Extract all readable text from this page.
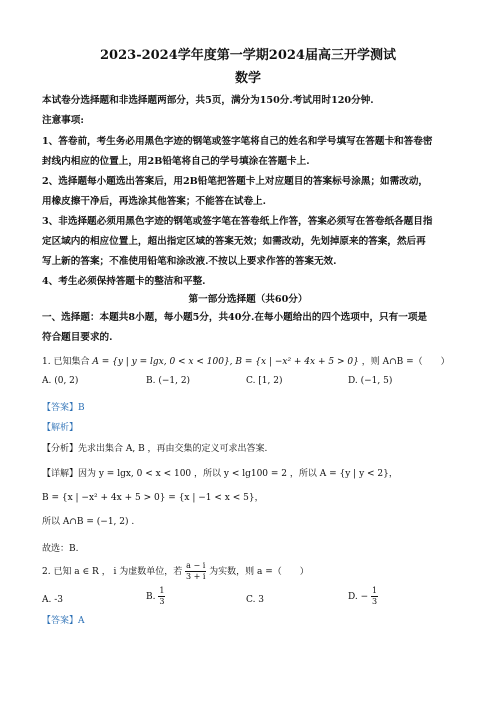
2023-2024学年度第一学期2024届高三开学测试
数学
本试卷分选择题和非选择题两部分，共5页，满分为150分.考试用时120分钟.
注意事项:
1、答卷前，考生务必用黑色字迹的钢笔或签字笔将自己的姓名和学号填写在答题卡和答卷密
封线内相应的位置上，用2B铅笔将自己的学号填涂在答题卡上.
2、选择题每小题选出答案后，用2B铅笔把答题卡上对应题目的答案标号涂黑；如需改动，
用橡皮擦干净后，再选涂其他答案；不能答在试卷上.
3、非选择题必须用黑色字迹的钢笔或签字笔在答卷纸上作答，答案必须写在答卷纸各题目指
定区域内的相应位置上，超出指定区域的答案无效；如需改动，先划掉原来的答案，然后再
写上新的答案；不准使用铅笔和涂改液.不按以上要求作答的答案无效.
4、考生必须保持答题卡的整洁和平整.
第一部分选择题（共60分）
一、选择题：本题共8小题，每小题5分，共40分.在每小题给出的四个选项中，只有一项是
符合题目要求的.
1. 已知集合 A = {y | y = lgx, 0 < x < 100}, B = {x | −x² + 4x + 5 > 0} ，则 A∩B =（　　）
A. (0, 2)	B. (−1, 2)	C. [1, 2)	D. (−1, 5)
【答案】B
【解析】
【分析】先求出集合 A, B ，再由交集的定义可求出答案.
【详解】因为 y = lgx, 0 < x < 100 ，所以 y < lg100 = 2 ，所以 A = {y | y < 2}，
B = {x | −x² + 4x + 5 > 0} = {x | −1 < x < 5}，
所以 A∩B = (−1, 2) .
故选：B.
2. 已知 a ∈ R ， i 为虚数单位，若 $\frac{a - i}{3 + i}$ 为实数，则 a =（　　）
A. -3	B. $\frac{1}{3}$	C. 3	D. − $\frac{1}{3}$
【答案】A
